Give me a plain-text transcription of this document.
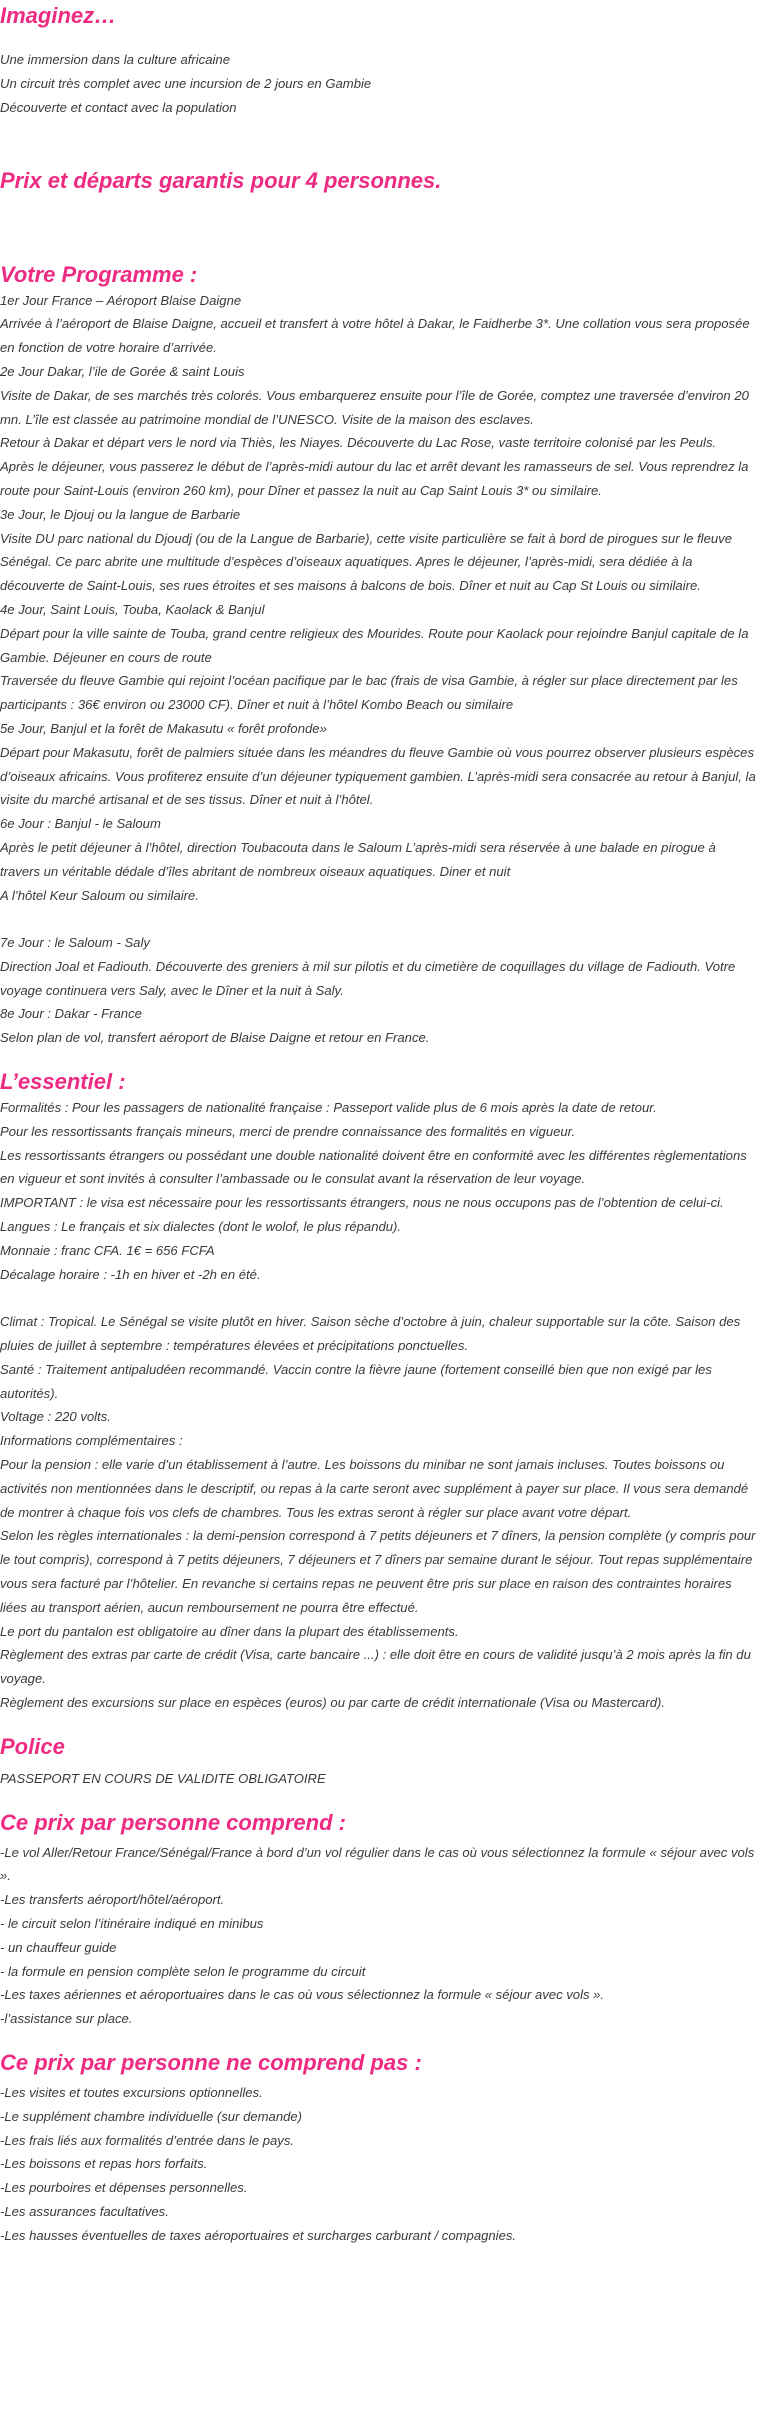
Imaginez…

Une immersion dans la culture africaine

Un circuit très complet avec une incursion de 2 jours en Gambie

Découverte et contact avec la population

Prix et départs garantis pour 4 personnes.
Votre Programme :

1er Jour France – Aéroport Blaise Daigne

Arrivée à l’aéroport de Blaise Daigne, accueil et transfert à votre hôtel à Dakar, le Faidherbe 3*. Une collation vous sera proposée en fonction de votre horaire d’arrivée.

2e Jour Dakar, l’ile de Gorée & saint Louis

Visite de Dakar, de ses marchés très colorés. Vous embarquerez ensuite pour l’île de Gorée, comptez une traversée d’environ 20 mn. L’île est classée au patrimoine mondial de l’UNESCO. Visite de la maison des esclaves.

Retour à Dakar et départ vers le nord via Thiès, les Niayes. Découverte du Lac Rose, vaste territoire colonisé par les Peuls.

Après le déjeuner, vous passerez le début de l’après-midi autour du lac et arrêt devant les ramasseurs de sel. Vous reprendrez la route pour Saint-Louis (environ 260 km), pour Dîner et passez la nuit au Cap Saint Louis 3* ou similaire.

3e Jour, le Djouj ou la langue de Barbarie

Visite DU parc national du Djoudj (ou de la Langue de Barbarie), cette visite particulière se fait à bord de pirogues sur le fleuve Sénégal. Ce parc abrite une multitude d’espèces d’oiseaux aquatiques. Apres le déjeuner, l’après-midi, sera dédiée à la découverte de Saint-Louis, ses rues étroites et ses maisons à balcons de bois. Dîner et nuit au Cap St Louis ou similaire.

4e Jour, Saint Louis, Touba, Kaolack & Banjul

Départ pour la ville sainte de Touba, grand centre religieux des Mourides. Route pour Kaolack pour rejoindre Banjul capitale de la Gambie. Déjeuner en cours de route

Traversée du fleuve Gambie qui rejoint l’océan pacifique par le bac (frais de visa Gambie, à régler sur place directement par les participants : 36€ environ ou 23000 CF). Dîner et nuit à l’hôtel Kombo Beach ou similaire

5e Jour, Banjul et la forêt de Makasutu « forêt profonde»

Départ pour Makasutu, forêt de palmiers située dans les méandres du fleuve Gambie où vous pourrez observer plusieurs espèces d’oiseaux africains. Vous profiterez ensuite d’un déjeuner typiquement gambien. L’après-midi sera consacrée au retour à Banjul, la visite du marché artisanal et de ses tissus. Dîner et nuit à l’hôtel.

6e Jour : Banjul - le Saloum

Après le petit déjeuner à l’hôtel, direction Toubacouta dans le Saloum L’après-midi sera réservée à une balade en pirogue à travers un véritable dédale d’îles abritant de nombreux oiseaux aquatiques. Diner et nuit

A l’hôtel Keur Saloum ou similaire.

7e Jour : le Saloum - Saly

Direction Joal et Fadiouth. Découverte des greniers à mil sur pilotis et du cimetière de coquillages du village de Fadiouth. Votre voyage continuera vers Saly, avec le Dîner et la nuit à Saly.

8e Jour : Dakar - France

Selon plan de vol, transfert aéroport de Blaise Daigne et retour en France.

L’essentiel :

Formalités : Pour les passagers de nationalité française : Passeport valide plus de 6 mois après la date de retour.

Pour les ressortissants français mineurs, merci de prendre connaissance des formalités en vigueur.

Les ressortissants étrangers ou possédant une double nationalité doivent être en conformité avec les différentes règlementations en vigueur et sont invités à consulter l’ambassade ou le consulat avant la réservation de leur voyage.

IMPORTANT : le visa est nécessaire pour les ressortissants étrangers, nous ne nous occupons pas de l’obtention de celui-ci.

Langues : Le français et six dialectes (dont le wolof, le plus répandu).

Monnaie : franc CFA. 1€ = 656 FCFA

Décalage horaire : -1h en hiver et -2h en été.

Climat : Tropical. Le Sénégal se visite plutôt en hiver. Saison sèche d’octobre à juin, chaleur supportable sur la côte. Saison des pluies de juillet à septembre : températures élevées et précipitations ponctuelles.

Santé : Traitement antipaludéen recommandé. Vaccin contre la fièvre jaune (fortement conseillé bien que non exigé par les autorités).

Voltage : 220 volts.

Informations complémentaires :

Pour la pension : elle varie d’un établissement à l’autre. Les boissons du minibar ne sont jamais incluses. Toutes boissons ou activités non mentionnées dans le descriptif, ou repas à la carte seront avec supplément à payer sur place. Il vous sera demandé de montrer à chaque fois vos clefs de chambres. Tous les extras seront à régler sur place avant votre départ.

Selon les règles internationales : la demi-pension correspond à 7 petits déjeuners et 7 dîners, la pension complète (y compris pour le tout compris), correspond à 7 petits déjeuners, 7 déjeuners et 7 dîners par semaine durant le séjour. Tout repas supplémentaire vous sera facturé par l’hôtelier. En revanche si certains repas ne peuvent être pris sur place en raison des contraintes horaires liées au transport aérien, aucun remboursement ne pourra être effectué.

Le port du pantalon est obligatoire au dîner dans la plupart des établissements.

Règlement des extras par carte de crédit (Visa, carte bancaire ...) : elle doit être en cours de validité jusqu’à 2 mois après la fin du voyage.

Règlement des excursions sur place en espèces (euros) ou par carte de crédit internationale (Visa ou Mastercard).

Police

PASSEPORT EN COURS DE VALIDITE OBLIGATOIRE

Ce prix par personne comprend :

-Le vol Aller/Retour France/Sénégal/France à bord d’un vol régulier dans le cas où vous sélectionnez la formule « séjour avec vols ».

-Les transferts aéroport/hôtel/aéroport.

- le circuit selon l’itinéraire indiqué en minibus

- un chauffeur guide

- la formule en pension complète selon le programme du circuit

-Les taxes aériennes et aéroportuaires dans le cas où vous sélectionnez la formule « séjour avec vols ».

-l’assistance sur place.

Ce prix par personne ne comprend pas :

-Les visites et toutes excursions optionnelles.

-Le supplément chambre individuelle (sur demande)

-Les frais liés aux formalités d’entrée dans le pays.

-Les boissons et repas hors forfaits.

-Les pourboires et dépenses personnelles.

-Les assurances facultatives.

-Les hausses éventuelles de taxes aéroportuaires et surcharges carburant / compagnies.
